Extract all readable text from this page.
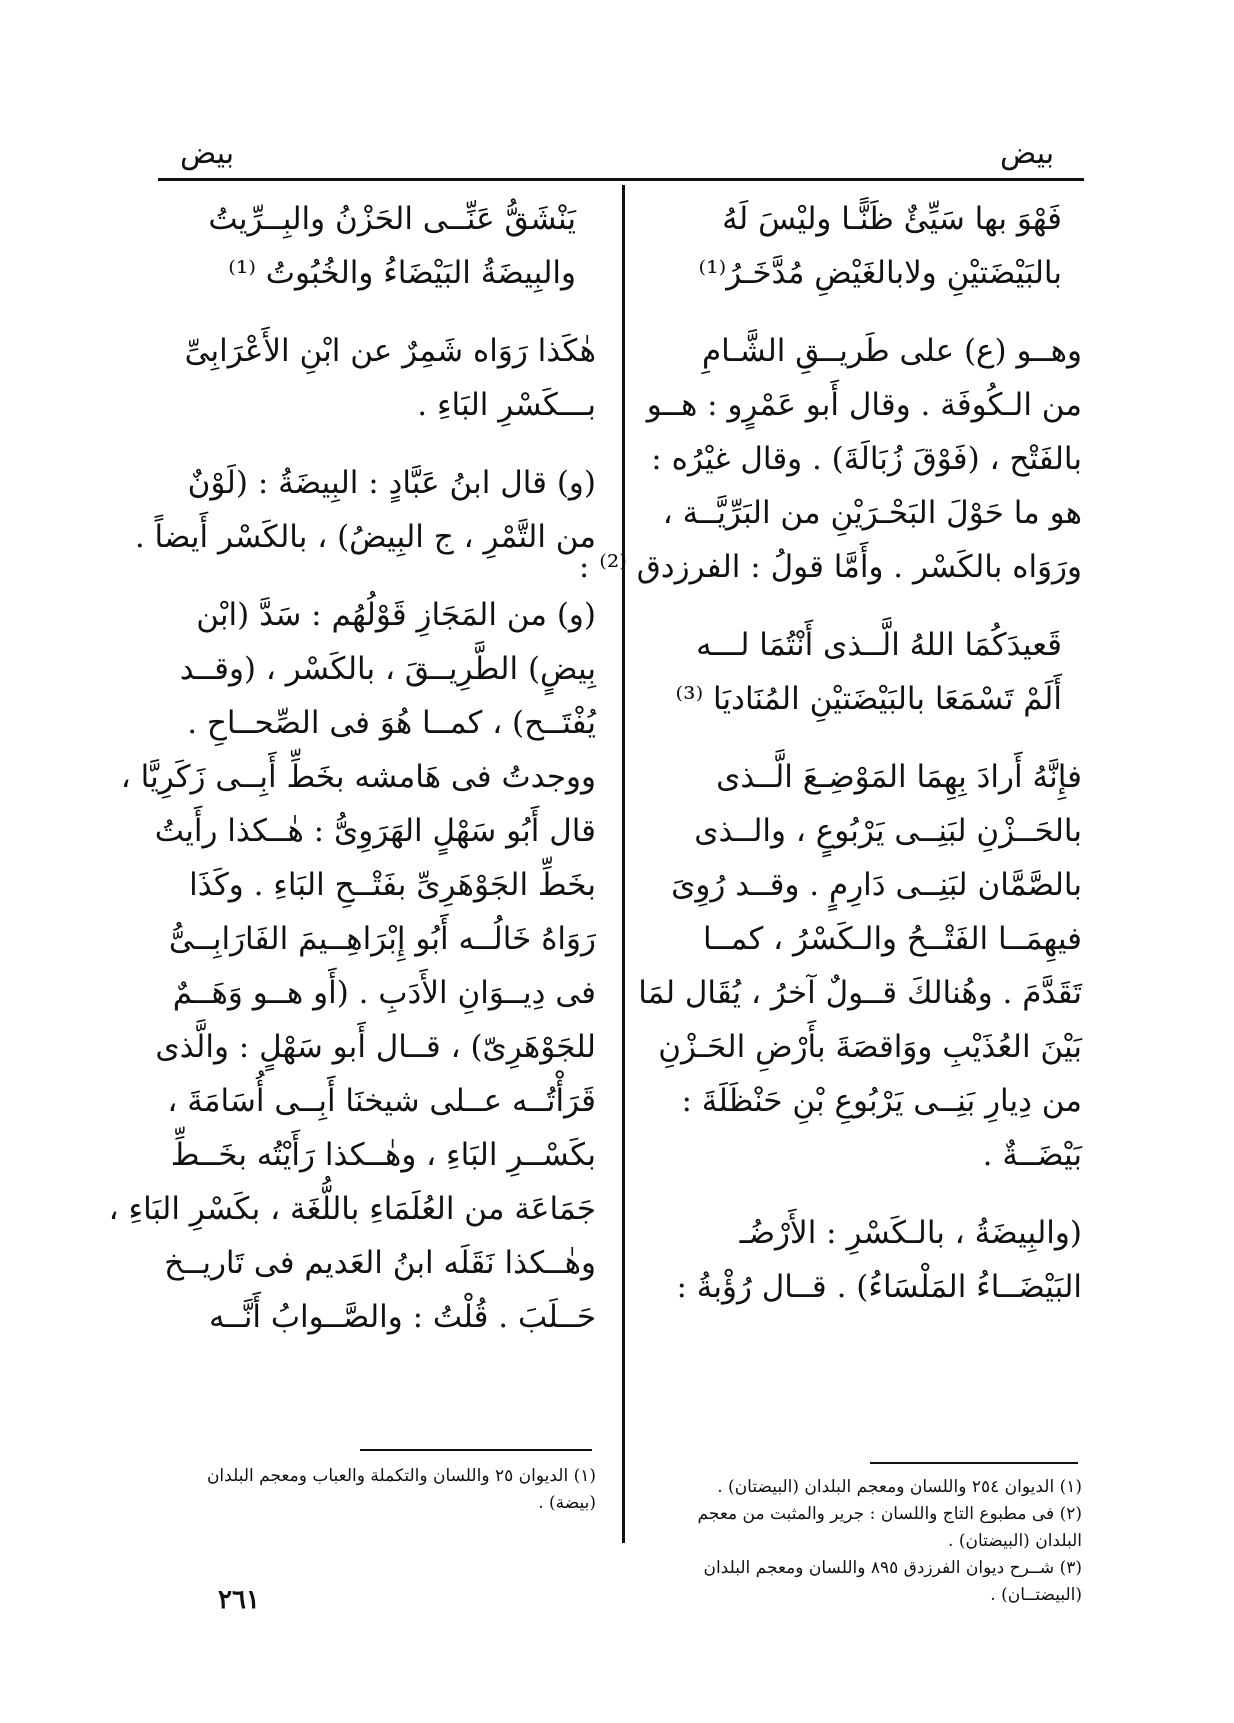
بيض
بيض
فَهْوَ بها سَيِّئٌ ظَنًّـا وليْسَ لَهُ
بالبَيْضَتيْنِ ولابالغَيْضِ مُدَّخَـرُ⁽¹⁾
وهــو (ع) على طَريــقِ الشَّـامِ
من الـكُوفَة . وقال أَبو عَمْرٍو : هــو
بالفَتْح ، (فَوْقَ زُبَالَةَ) . وقال غيْرُه :
هو ما حَوْلَ البَحْـرَيْنِ من البَرِّيَّــة ،
ورَوَاه بالكَسْر . وأَمَّا قولُ : الفرزدق ⁽²⁾ :
قَعيدَكُمَا اللهُ الَّــذى أَنْتُمَا لـــه
أَلَمْ تَسْمَعَا بالبَيْضَتيْنِ المُنَاديَا ⁽³⁾
فإِنَّهُ أَرادَ بِهِمَا المَوْضِـعَ الَّــذى
بالحَــزْنِ لبَنِــى يَرْبُوعٍ ، والــذى
بالصَّمَّان لبَنِــى دَارِمٍ . وقــد رُوِىَ
فيهِمَــا الفَتْــحُ والـكَسْرُ ، كمــا
تَقَدَّمَ . وهُنالكَ قــولٌ آخرُ ، يُقَال لمَا
بَيْنَ العُذَيْبِ ووَاقصَةَ بأَرْضِ الحَـزْنِ
من دِيارِ بَنِــى يَرْبُوعِ بْنِ حَنْظَلَةَ :
بَيْضَــةٌ .
(والبِيضَةُ ، بالـكَسْرِ : الأَرْضُـ
البَيْضَــاءُ المَلْسَاءُ) . قــال رُؤْبةُ :
(١) الديوان ٢٥٤ واللسان ومعجم البلدان (البيضتان) .
(٢) فى مطبوع التاج واللسان : جرير والمثبت من معجم
البلدان (البيضتان) .
(٣) شــرح ديوان الفرزدق ٨٩٥ واللسان ومعجم البلدان
(البيضتــان) .
يَنْشَقُّ عَنِّــى الحَزْنُ والبِــرِّيتُ
والبِيضَةُ البَيْضَاءُ والخُبُوتُ ⁽¹⁾
هٰكَذا رَوَاه شَمِرٌ عن ابْنِ الأَعْرَابِىِّ
بـــكَسْرِ البَاءِ .
(و) قال ابنُ عَبَّادٍ : البِيضَةُ : (لَوْنٌ
من التَّمْرِ ، ج البِيضُ) ، بالكَسْر أَيضاً .
(و) من المَجَازِ قَوْلُهُم : سَدَّ (ابْن
بِيضٍ) الطَّرِيــقَ ، بالكَسْر ، (وقــد
يُفْتَــح) ، كمــا هُوَ فى الصِّحــاحِ .
ووجدتُ فى هَامشه بخَطِّ أَبِــى زَكَرِيَّا ،
قال أَبُو سَهْلٍ الهَرَوِىُّ : هٰــكذا رأَيتُ
بخَطِّ الجَوْهَرِىِّ بفَتْــحِ البَاءِ . وكَذَا
رَوَاهُ خَالُــه أَبُو إِبْرَاهِــيمَ الفَارَابِــىُّ
فى دِيــوَانِ الأَدَبِ . (أَو هــو وَهَــمٌ
للجَوْهَرِىّ) ، قــال أَبو سَهْلٍ : والَّذى
قَرَأْتُــه عــلى شيخنَا أَبِــى أُسَامَةَ ،
بكَسْــرِ البَاءِ ، وهٰــكذا رَأَيْتُه بخَــطِّ
جَمَاعَة من العُلَمَاءِ باللُّغَة ، بكَسْرِ البَاءِ ،
وهٰــكذا نَقَلَه ابنُ العَديم فى تَاريــخ
حَــلَبَ . قُلْتُ : والصَّــوابُ أَنَّــه
(١) الديوان ٢٥ واللسان والتكملة والعباب ومعجم البلدان
(بيضة) .
٢٦١
